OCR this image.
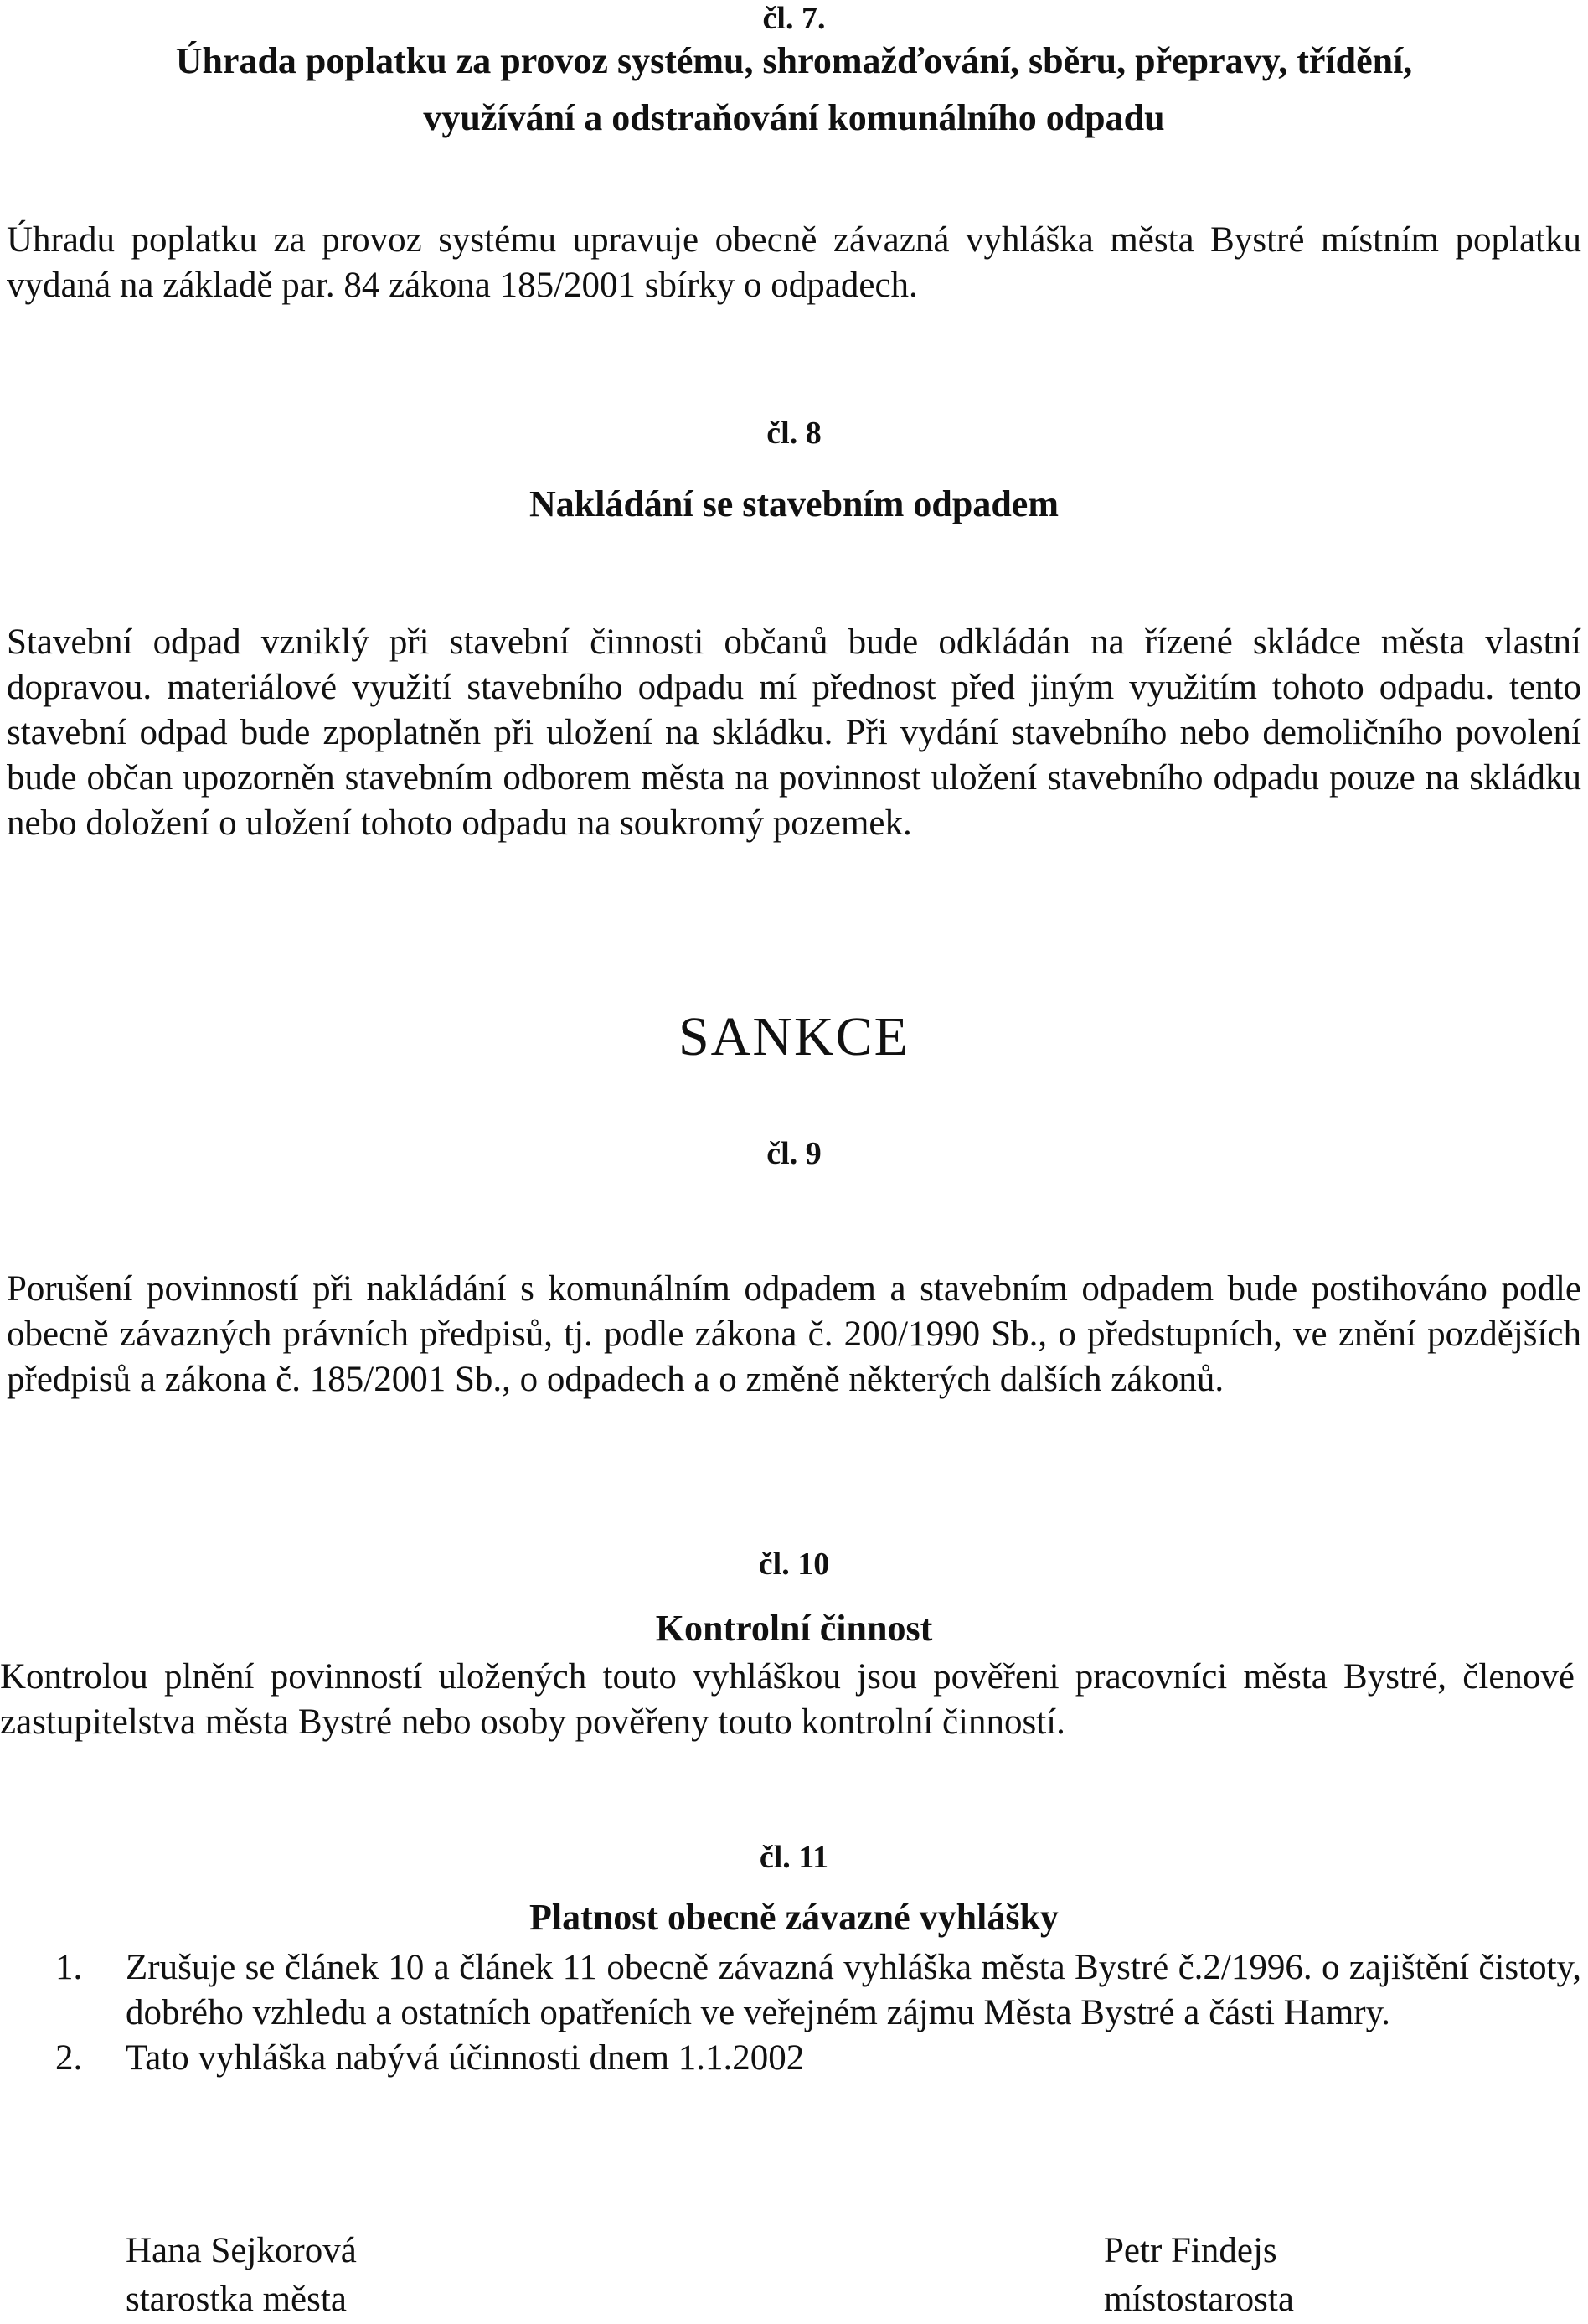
čl. 7.
Úhrada poplatku za provoz systému, shromažďování, sběru, přepravy, třídění,
využívání a odstraňování komunálního odpadu

Úhradu poplatku za provoz systému upravuje obecně závazná vyhláška města Bystré místním poplatku vydaná na základě par. 84 zákona 185/2001 sbírky o odpadech.

čl. 8
Nakládání se stavebním odpadem

Stavební odpad vzniklý při stavební činnosti občanů bude odkládán na řízené skládce města vlastní dopravou. materiálové využití stavebního odpadu mí přednost před jiným využitím tohoto odpadu. tento stavební odpad bude zpoplatněn při uložení na skládku. Při vydání stavebního nebo demoličního povolení bude občan upozorněn stavebním odborem města na povinnost uložení stavebního odpadu pouze na skládku nebo doložení o uložení tohoto odpadu na soukromý pozemek.

SANKCE
čl. 9

Porušení povinností při nakládání s komunálním odpadem a stavebním odpadem bude postihováno podle obecně závazných právních předpisů, tj. podle zákona č. 200/1990 Sb., o předstupních, ve znění pozdějších předpisů a zákona č. 185/2001 Sb., o odpadech a o změně některých dalších zákonů.

čl. 10
Kontrolní činnost

Kontrolou plnění povinností uložených touto vyhláškou jsou pověřeni pracovníci města Bystré, členové zastupitelstva města Bystré nebo osoby pověřeny touto kontrolní činností.

čl. 11
Platnost obecně závazné vyhlášky
1. Zrušuje se článek 10 a článek 11 obecně závazná vyhláška města Bystré č.2/1996. o zajištění čistoty, dobrého vzhledu a ostatních opatřeních ve veřejném zájmu Města Bystré a části Hamry.
2. Tato vyhláška nabývá účinnosti dnem 1.1.2002
Hana Sejkorová
starostka města
Petr Findejs
místostarosta
